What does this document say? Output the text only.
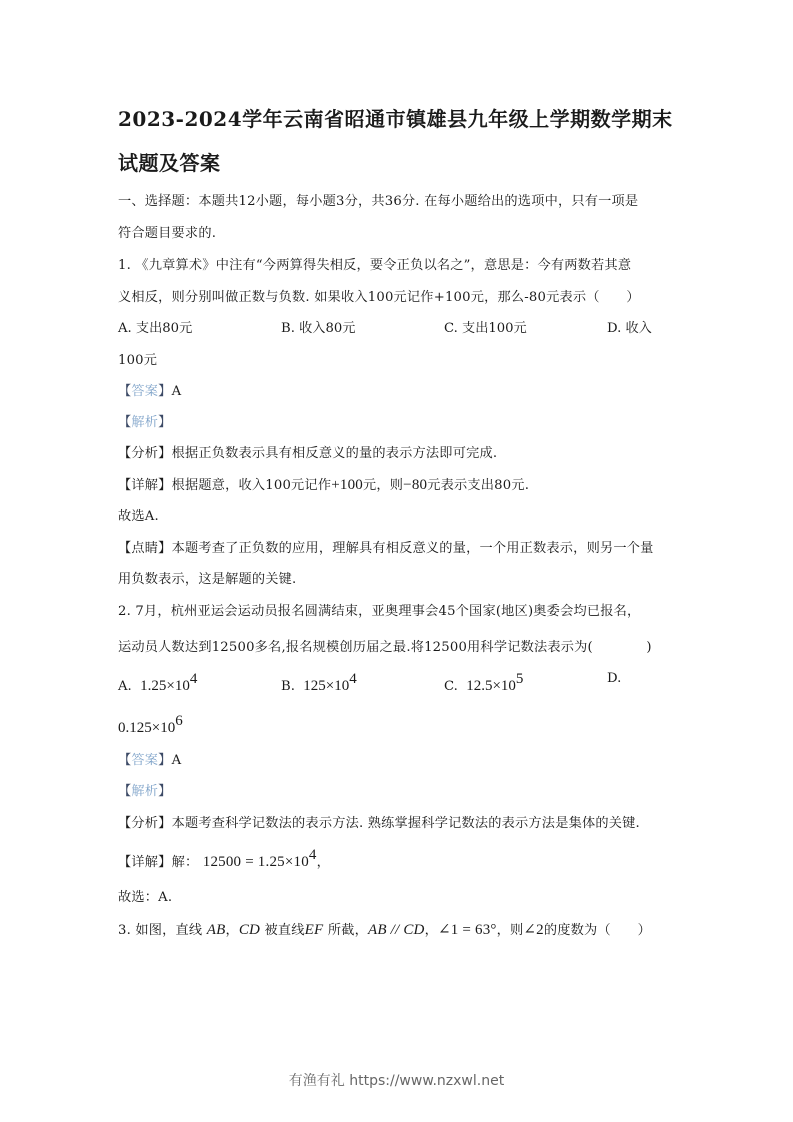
2023-2024学年云南省昭通市镇雄县九年级上学期数学期末
试题及答案
一、选择题：本题共12小题，每小题3分，共36分. 在每小题给出的选项中，只有一项是
符合题目要求的.
1. 《九章算术》中注有“今两算得失相反，要令正负以名之”，意思是：今有两数若其意
义相反，则分别叫做正数与负数. 如果收入100元记作+100元，那么-80元表示（　　）
A. 支出80元	B. 收入80元	C. 支出100元	D. 收入
100元
【答案】A
【解析】
【分析】根据正负数表示具有相反意义的量的表示方法即可完成.
【详解】根据题意，收入100元记作+100元，则−80元表示支出80元.
故选A.
【点睛】本题考查了正负数的应用，理解具有相反意义的量，一个用正数表示，则另一个量
用负数表示，这是解题的关键.
2. 7月，杭州亚运会运动员报名圆满结束，亚奥理事会45个国家(地区)奥委会均已报名，
运动员人数达到12500多名,报名规模创历届之最.将12500用科学记数法表示为(　　　　)
A. $1.25\times 10^4$	B. $125\times 10^4$	C. $12.5\times 10^5$	D.
$0.125\times 10^6$
【答案】A
【解析】
【分析】本题考查科学记数法的表示方法. 熟练掌握科学记数法的表示方法是集体的关键.
【详解】解： $12500 = 1.25\times 10^4$，
故选：A.
3. 如图，直线 AB，CD 被直线EF 所截，AB // CD，∠1 = 63°，则∠2的度数为（　　）
有渔有礼 https://www.nzxwl.net
